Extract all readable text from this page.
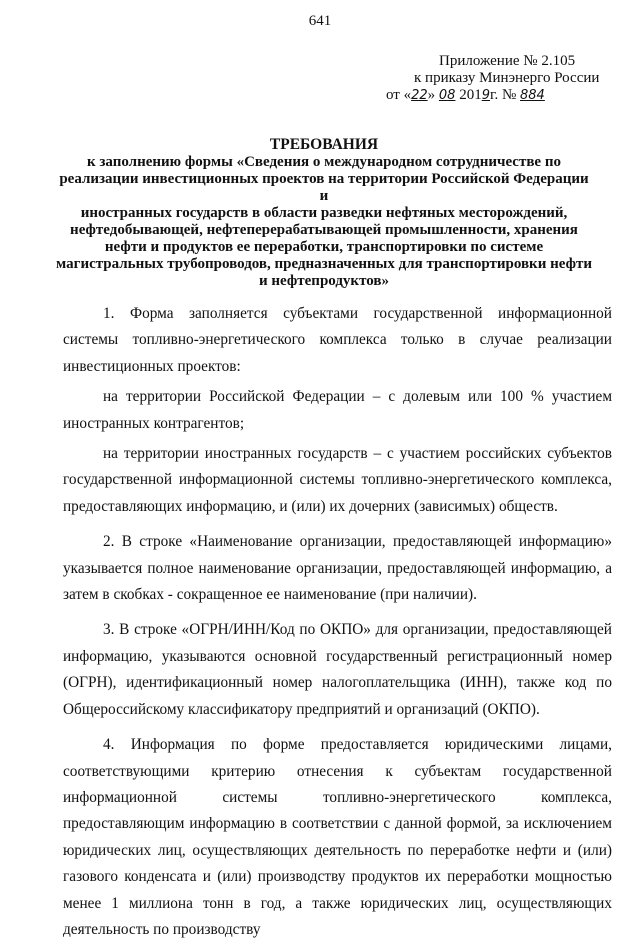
641
Приложение № 2.105
к приказу Минэнерго России
от «22» 08 2019г. № 884
ТРЕБОВАНИЯ
к заполнению формы «Сведения о международном сотрудничестве по
реализации инвестиционных проектов на территории Российской Федерации и
иностранных государств в области разведки нефтяных месторождений,
нефтедобывающей, нефтеперерабатывающей промышленности, хранения
нефти и продуктов ее переработки, транспортировки по системе
магистральных трубопроводов, предназначенных для транспортировки нефти
и нефтепродуктов»

1. Форма заполняется субъектами государственной информационной системы топливно-энергетического комплекса только в случае реализации инвестиционных проектов:

на территории Российской Федерации – с долевым или 100 % участием иностранных контрагентов;

на территории иностранных государств – с участием российских субъектов государственной информационной системы топливно-энергетического комплекса, предоставляющих информацию, и (или) их дочерних (зависимых) обществ.

2. В строке «Наименование организации, предоставляющей информацию» указывается полное наименование организации, предоставляющей информацию, а затем в скобках - сокращенное ее наименование (при наличии).

3. В строке «ОГРН/ИНН/Код по ОКПО» для организации, предоставляющей информацию, указываются основной государственный регистрационный номер (ОГРН), идентификационный номер налогоплательщика (ИНН), также код по Общероссийскому классификатору предприятий и организаций (ОКПО).

4. Информация по форме предоставляется юридическими лицами, соответствующими критерию отнесения к субъектам государственной информационной системы топливно-энергетического комплекса, предоставляющим информацию в соответствии с данной формой, за исключением юридических лиц, осуществляющих деятельность по переработке нефти и (или) газового конденсата и (или) производству продуктов их переработки мощностью менее 1 миллиона тонн в год, а также юридических лиц, осуществляющих деятельность по производству
